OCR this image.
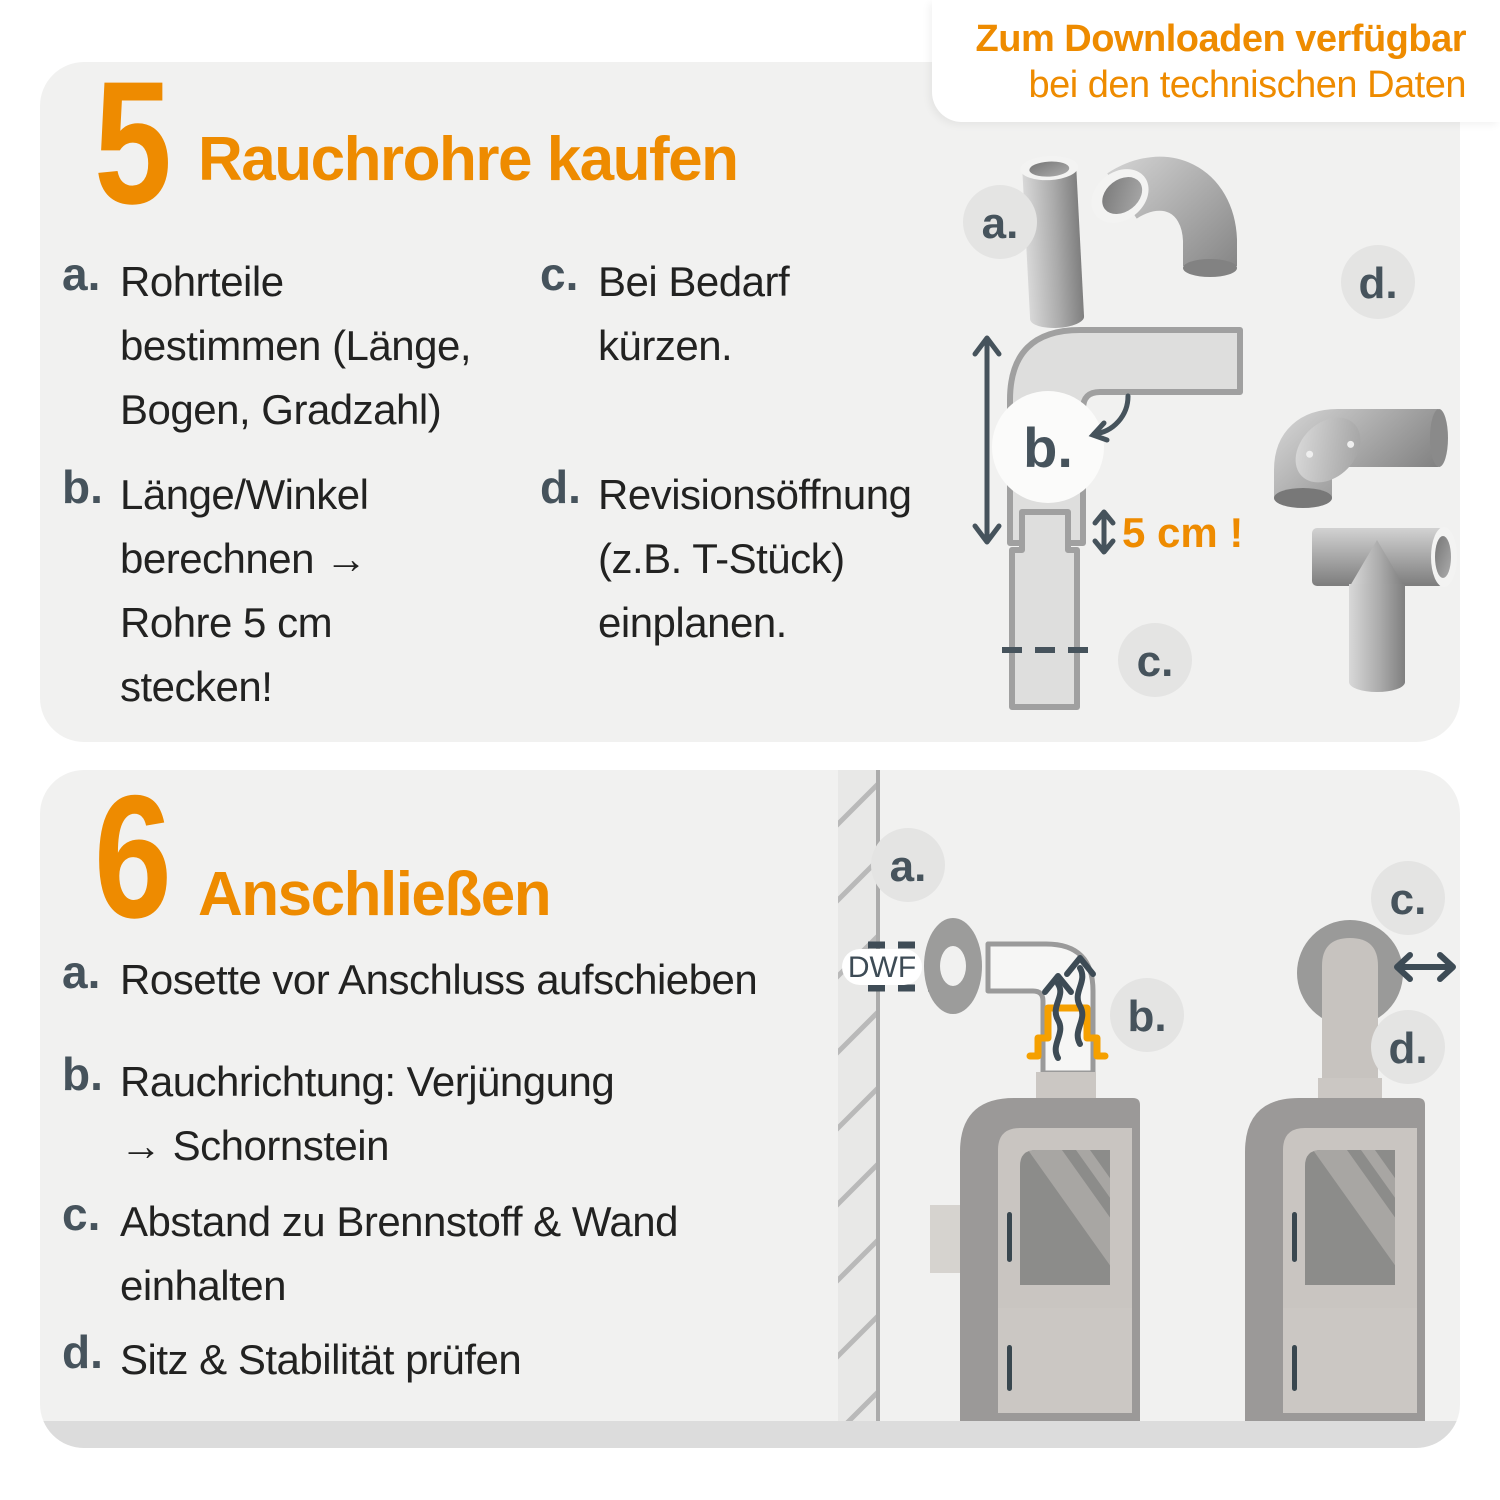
5 Rauchrohre kaufen
a. Rohrteile
bestimmen (Länge,
Bogen, Gradzahl)
b. Länge/Winkel
berechnen →
Rohre 5 cm
stecken!
c. Bei Bedarf
kürzen.
d. Revisionsöffnung
(z.B. T-Stück)
einplanen.
6 Anschließen
a. Rosette vor Anschluss aufschieben
b. Rauchrichtung: Verjüngung
→ Schornstein
c. Abstand zu Brennstoff & Wand
einhalten
d. Sitz & Stabilität prüfen
a.
d.
b.
5 cm !
c.
DWF
a.
b.
c.
d.
Zum Downloaden verfügbar
bei den technischen Daten
